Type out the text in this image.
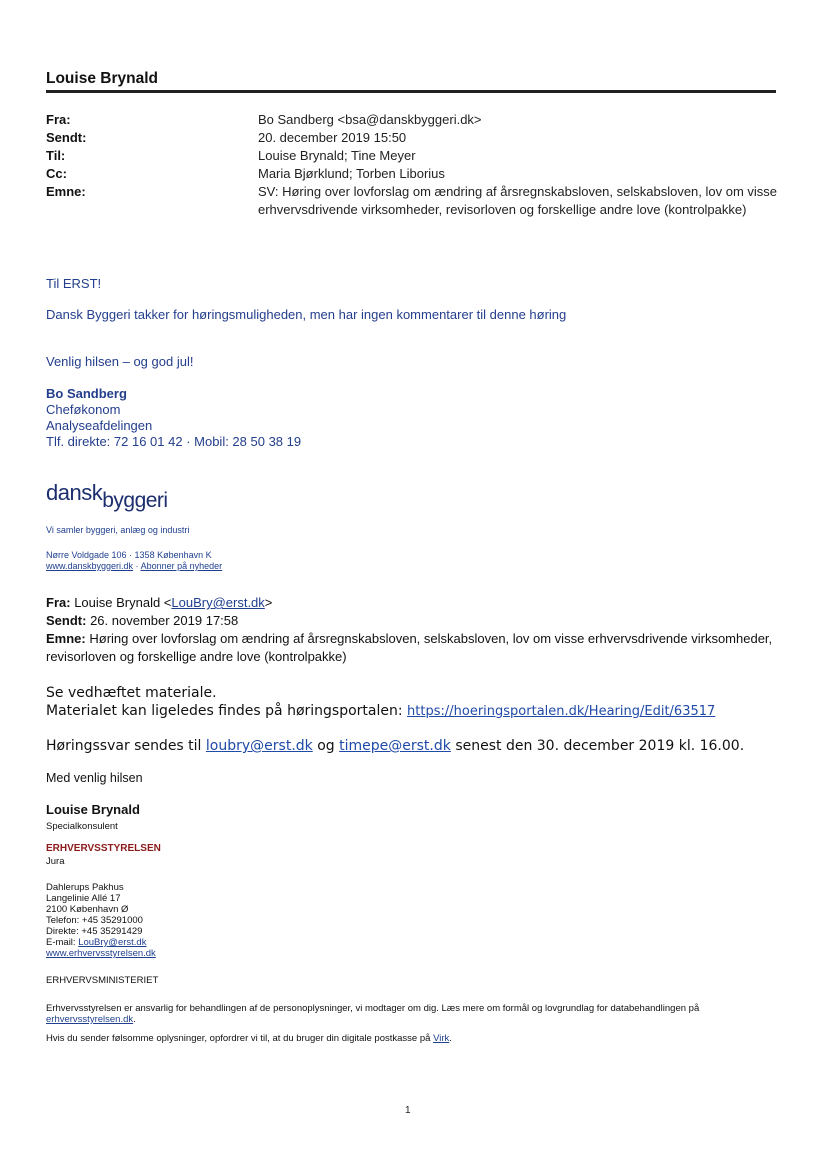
Louise Brynald
Fra:	Bo Sandberg <bsa@danskbyggeri.dk>
Sendt:	20. december 2019 15:50
Til:	Louise Brynald; Tine Meyer
Cc:	Maria Bjørklund; Torben Liborius
Emne:	SV: Høring over lovforslag om ændring af årsregnskabsloven, selskabsloven, lov om visse erhvervsdrivende virksomheder, revisorloven og forskellige andre love (kontrolpakke)
Til ERST!
Dansk Byggeri takker for høringsmuligheden, men har ingen kommentarer til denne høring
Venlig hilsen – og god jul!
Bo Sandberg
Cheføkonom
Analyseafdelingen
Tlf. direkte: 72 16 01 42 · Mobil: 28 50 38 19
danskbyggeri
Vi samler byggeri, anlæg og industri
Nørre Voldgade 106 · 1358 København K
www.danskbyggeri.dk · Abonner på nyheder
Fra: Louise Brynald <LouBry@erst.dk>
Sendt: 26. november 2019 17:58
Emne: Høring over lovforslag om ændring af årsregnskabsloven, selskabsloven, lov om visse erhvervsdrivende virksomheder, revisorloven og forskellige andre love (kontrolpakke)
Se vedhæftet materiale.
Materialet kan ligeledes findes på høringsportalen: https://hoeringsportalen.dk/Hearing/Edit/63517
Høringssvar sendes til loubry@erst.dk og timepe@erst.dk senest den 30. december 2019 kl. 16.00.
Med venlig hilsen
Louise Brynald
Specialkonsulent
ERHVERVSSTYRELSEN
Jura
Dahlerups Pakhus
Langelinie Allé 17
2100 København Ø
Telefon: +45 35291000
Direkte: +45 35291429
E-mail: LouBry@erst.dk
www.erhvervsstyrelsen.dk
ERHVERVSMINISTERIET
Erhvervsstyrelsen er ansvarlig for behandlingen af de personoplysninger, vi modtager om dig. Læs mere om formål og lovgrundlag for databehandlingen på erhvervsstyrelsen.dk.
Hvis du sender følsomme oplysninger, opfordrer vi til, at du bruger din digitale postkasse på Virk.
1
